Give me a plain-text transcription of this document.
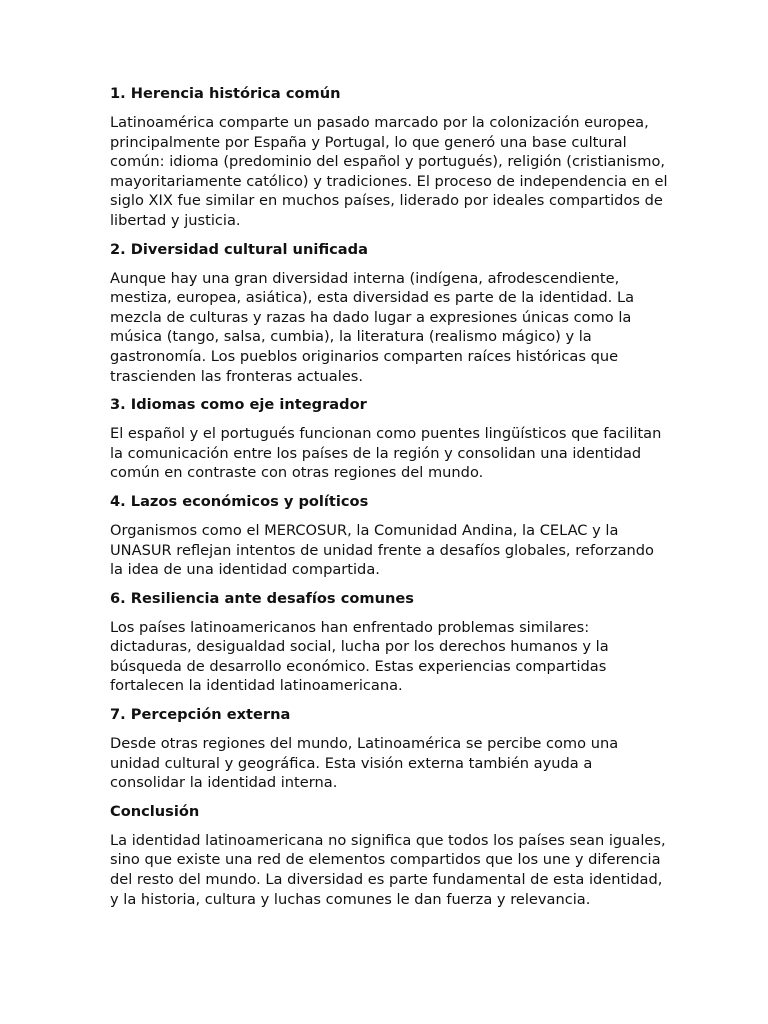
1. Herencia histórica común

Latinoamérica comparte un pasado marcado por la colonización europea, principalmente por España y Portugal, lo que generó una base cultural común: idioma (predominio del español y portugués), religión (cristianismo, mayoritariamente católico) y tradiciones. El proceso de independencia en el siglo XIX fue similar en muchos países, liderado por ideales compartidos de libertad y justicia.

2. Diversidad cultural unificada

Aunque hay una gran diversidad interna (indígena, afrodescendiente, mestiza, europea, asiática), esta diversidad es parte de la identidad. La mezcla de culturas y razas ha dado lugar a expresiones únicas como la música (tango, salsa, cumbia), la literatura (realismo mágico) y la gastronomía. Los pueblos originarios comparten raíces históricas que trascienden las fronteras actuales.

3. Idiomas como eje integrador

El español y el portugués funcionan como puentes lingüísticos que facilitan la comunicación entre los países de la región y consolidan una identidad común en contraste con otras regiones del mundo.

4. Lazos económicos y políticos

Organismos como el MERCOSUR, la Comunidad Andina, la CELAC y la UNASUR reflejan intentos de unidad frente a desafíos globales, reforzando la idea de una identidad compartida.

6. Resiliencia ante desafíos comunes

Los países latinoamericanos han enfrentado problemas similares: dictaduras, desigualdad social, lucha por los derechos humanos y la búsqueda de desarrollo económico. Estas experiencias compartidas fortalecen la identidad latinoamericana.

7. Percepción externa

Desde otras regiones del mundo, Latinoamérica se percibe como una unidad cultural y geográfica. Esta visión externa también ayuda a consolidar la identidad interna.

Conclusión

La identidad latinoamericana no significa que todos los países sean iguales, sino que existe una red de elementos compartidos que los une y diferencia del resto del mundo. La diversidad es parte fundamental de esta identidad, y la historia, cultura y luchas comunes le dan fuerza y relevancia.
